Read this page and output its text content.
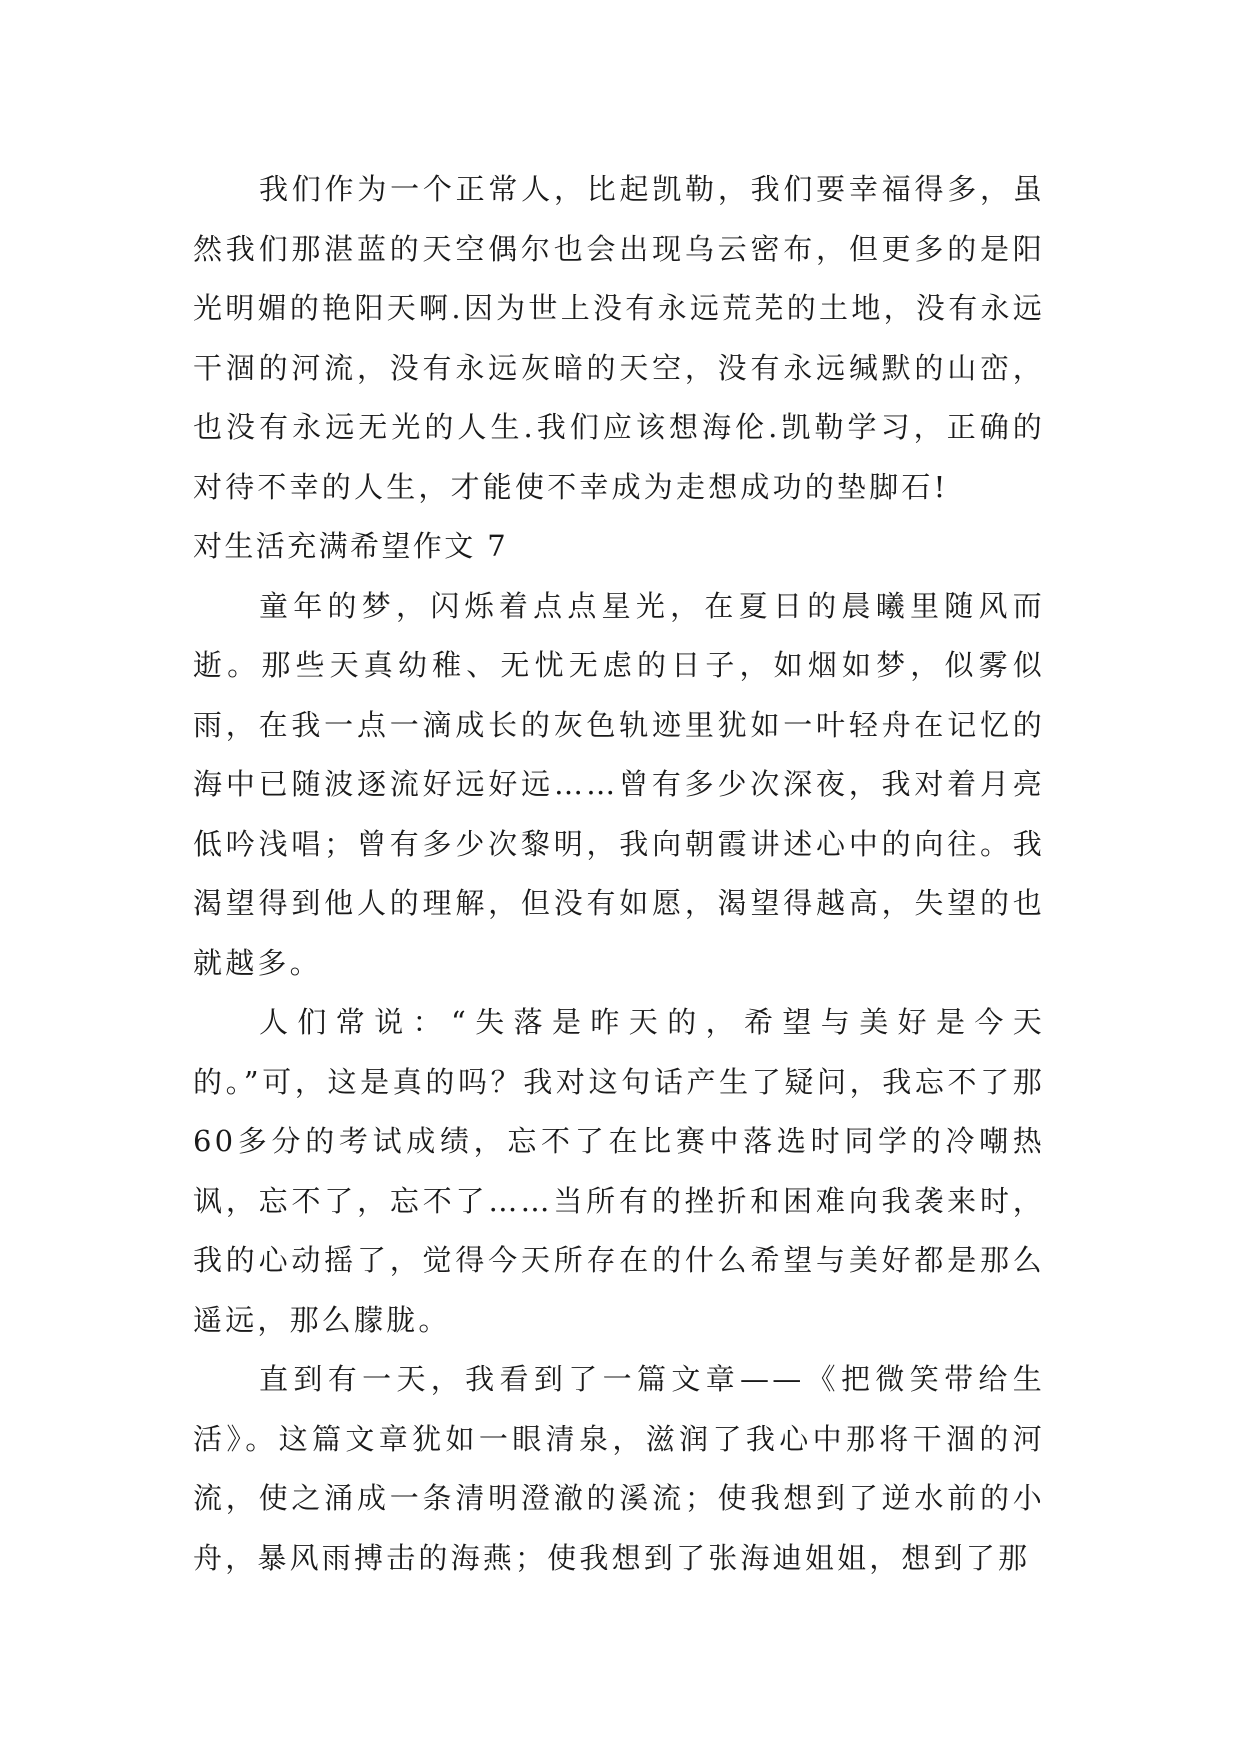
我们作为一个正常人，比起凯勒，我们要幸福得多，虽然我们那湛蓝的天空偶尔也会出现乌云密布，但更多的是阳光明媚的艳阳天啊.因为世上没有永远荒芜的土地，没有永远干涸的河流，没有永远灰暗的天空，没有永远缄默的山峦，也没有永远无光的人生.我们应该想海伦.凯勒学习，正确的对待不幸的人生，才能使不幸成为走想成功的垫脚石!

对生活充满希望作文 7

童年的梦，闪烁着点点星光，在夏日的晨曦里随风而逝。那些天真幼稚、无忧无虑的日子，如烟如梦，似雾似雨，在我一点一滴成长的灰色轨迹里犹如一叶轻舟在记忆的海中已随波逐流好远好远……曾有多少次深夜，我对着月亮低吟浅唱；曾有多少次黎明，我向朝霞讲述心中的向往。我渴望得到他人的理解，但没有如愿，渴望得越高，失望的也就越多。

人们常说：“失落是昨天的，希望与美好是今天的。”可，这是真的吗？我对这句话产生了疑问，我忘不了那60多分的考试成绩，忘不了在比赛中落选时同学的冷嘲热讽，忘不了，忘不了……当所有的挫折和困难向我袭来时，我的心动摇了，觉得今天所存在的什么希望与美好都是那么遥远，那么朦胧。

直到有一天，我看到了一篇文章——《把微笑带给生活》。这篇文章犹如一眼清泉，滋润了我心中那将干涸的河流，使之涌成一条清明澄澈的溪流；使我想到了逆水前的小舟，暴风雨搏击的海燕；使我想到了张海迪姐姐，想到了那
